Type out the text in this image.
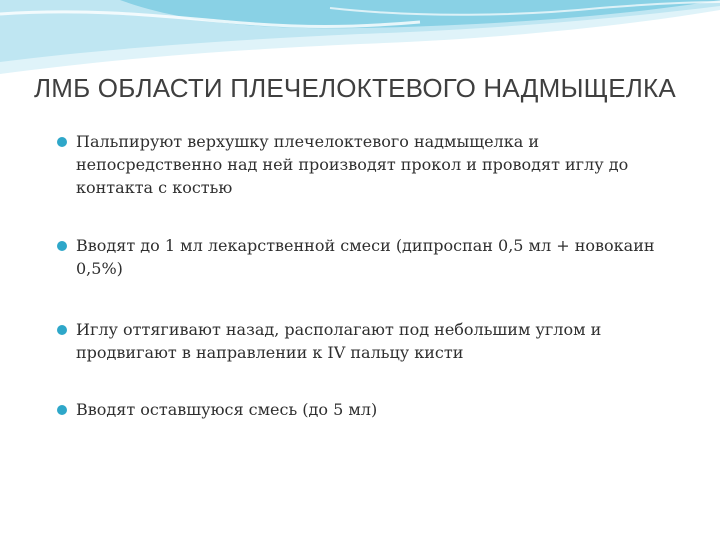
ЛМБ ОБЛАСТИ ПЛЕЧЕЛОКТЕВОГО НАДМЫЩЕЛКА
Пальпируют верхушку плечелоктевого надмыщелка и непосредственно над ней производят прокол и проводят иглу до контакта с костью
Вводят до 1 мл лекарственной смеси (дипроспан 0,5 мл + новокаин 0,5%)
Иглу оттягивают назад, располагают под небольшим углом и продвигают в направлении к IV пальцу кисти
Вводят оставшуюся смесь (до 5 мл)
